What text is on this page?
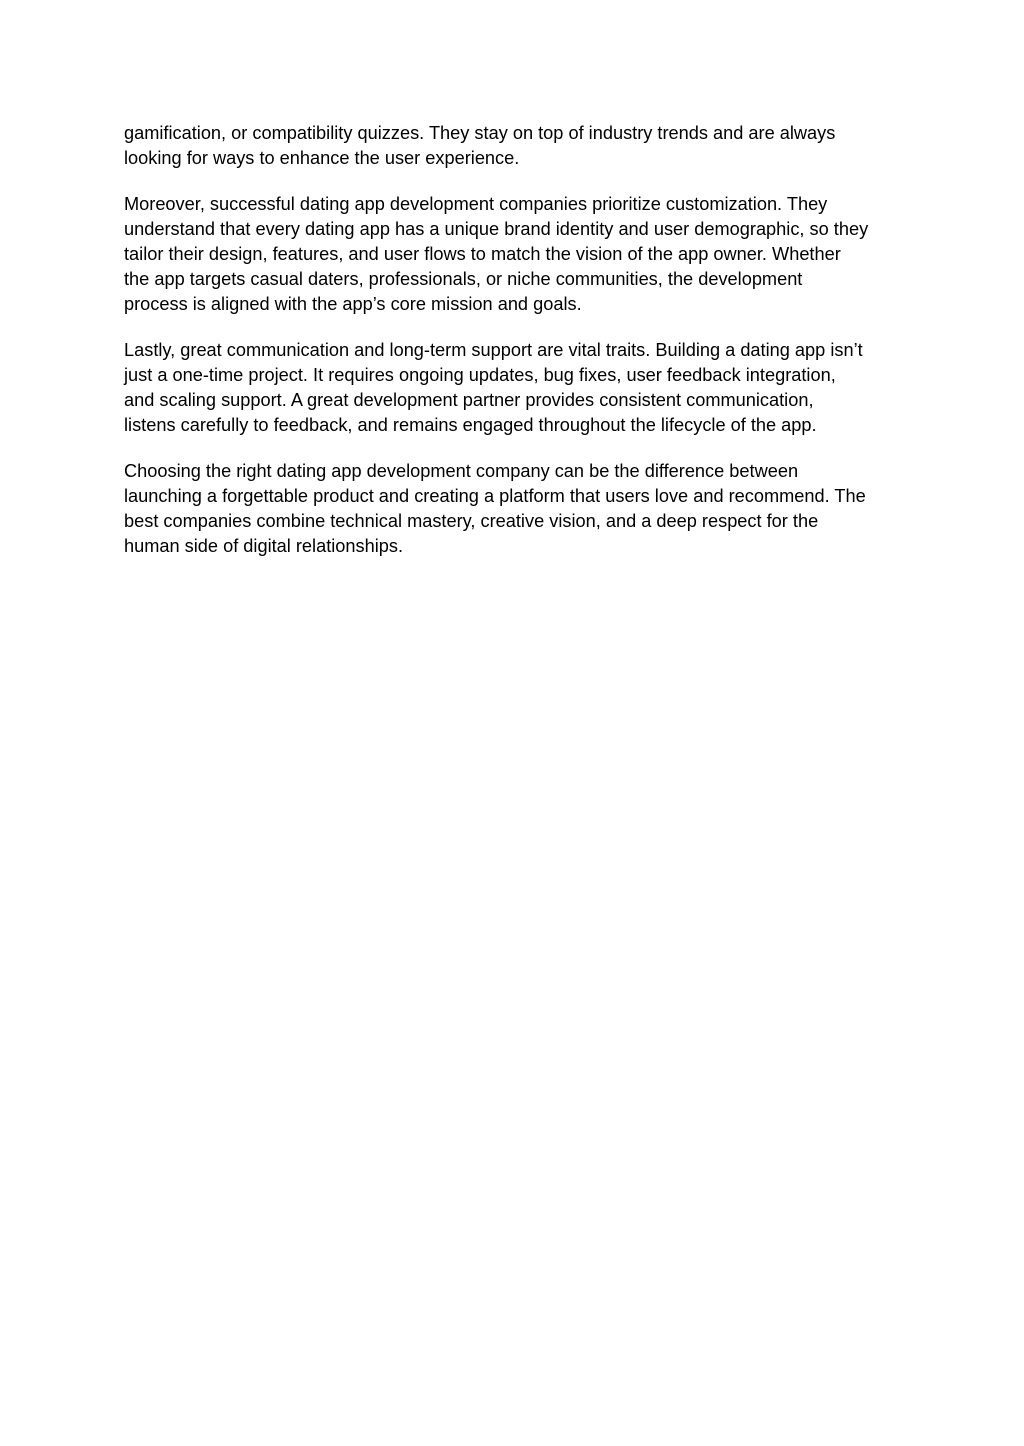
gamification, or compatibility quizzes. They stay on top of industry trends and are always
looking for ways to enhance the user experience.

Moreover, successful dating app development companies prioritize customization. They
understand that every dating app has a unique brand identity and user demographic, so they
tailor their design, features, and user flows to match the vision of the app owner. Whether
the app targets casual daters, professionals, or niche communities, the development
process is aligned with the app’s core mission and goals.

Lastly, great communication and long-term support are vital traits. Building a dating app isn’t
just a one-time project. It requires ongoing updates, bug fixes, user feedback integration,
and scaling support. A great development partner provides consistent communication,
listens carefully to feedback, and remains engaged throughout the lifecycle of the app.

Choosing the right dating app development company can be the difference between
launching a forgettable product and creating a platform that users love and recommend. The
best companies combine technical mastery, creative vision, and a deep respect for the
human side of digital relationships.
